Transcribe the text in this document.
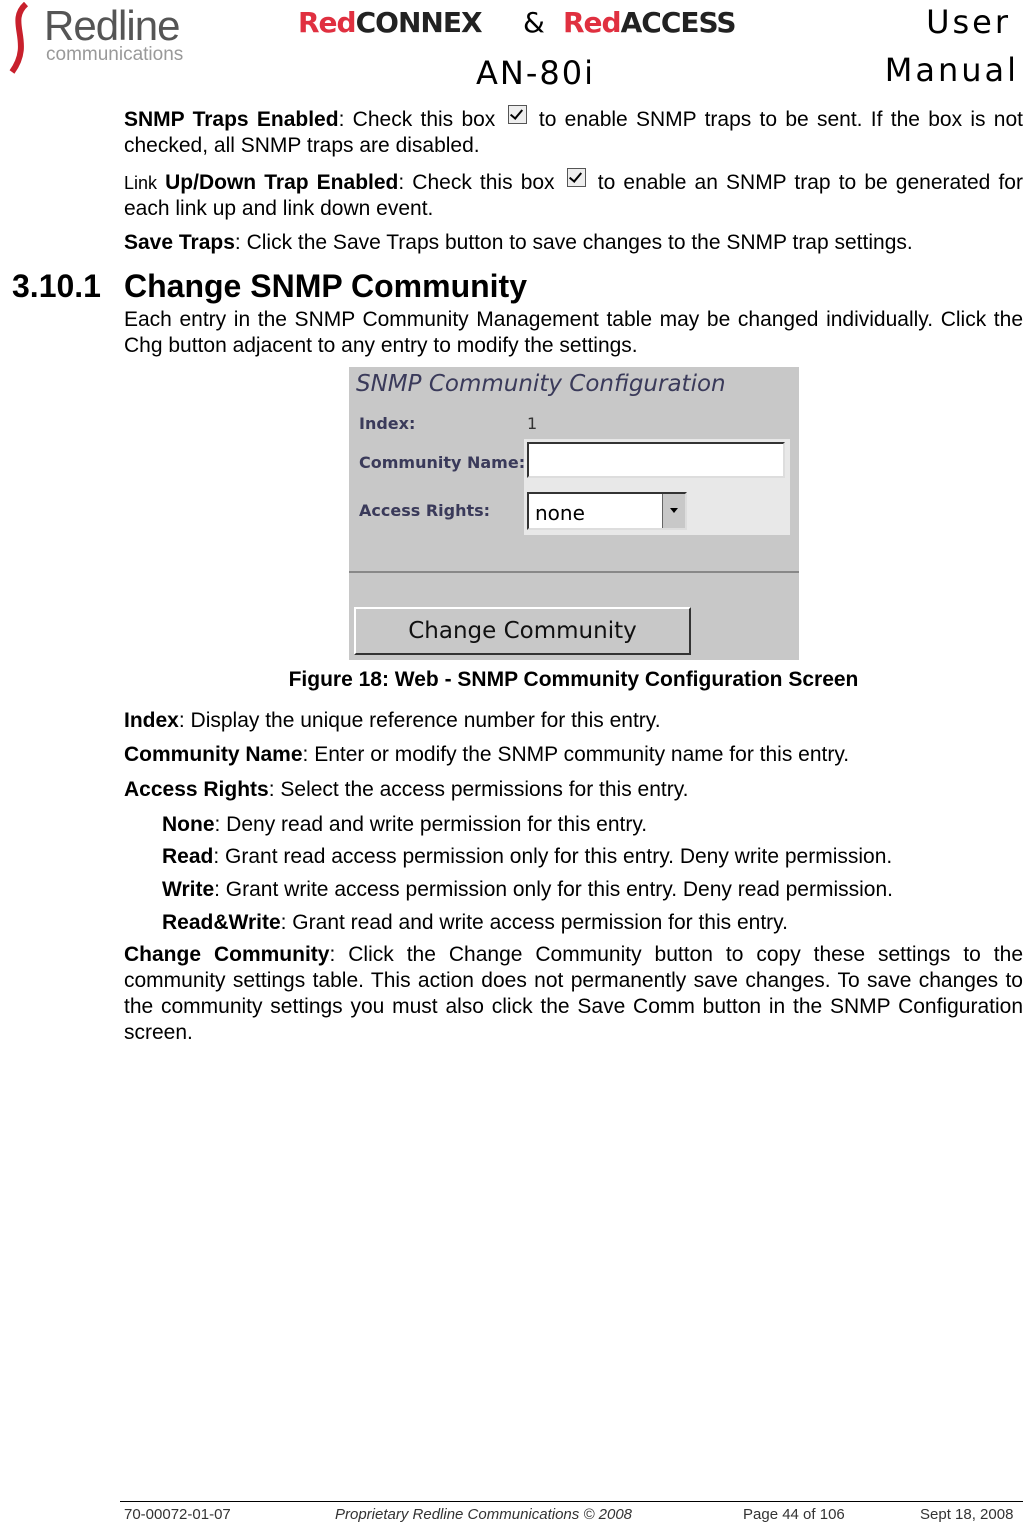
Redline
communications
RedCONNEX & RedACCESS
AN-80i
User
Manual
SNMP Traps Enabled: Check this box to enable SNMP traps to be sent. If the box is not checked, all SNMP traps are disabled.
Link Up/Down Trap Enabled: Check this box to enable an SNMP trap to be generated for each link up and link down event.
Save Traps: Click the Save Traps button to save changes to the SNMP trap settings.
3.10.1 Change SNMP Community
Each entry in the SNMP Community Management table may be changed individually. Click the Chg button adjacent to any entry to modify the settings.
SNMP Community Configuration
Index:	1
Community Name:
Access Rights: none
Change Community
Figure 18: Web - SNMP Community Configuration Screen
Index: Display the unique reference number for this entry.
Community Name: Enter or modify the SNMP community name for this entry.
Access Rights: Select the access permissions for this entry.
None: Deny read and write permission for this entry.
Read: Grant read access permission only for this entry. Deny write permission.
Write: Grant write access permission only for this entry. Deny read permission.
Read&Write: Grant read and write access permission for this entry.
Change Community: Click the Change Community button to copy these settings to the community settings table. This action does not permanently save changes. To save changes to the community settings you must also click the Save Comm button in the SNMP Configuration screen.
70-00072-01-07	Proprietary Redline Communications © 2008	Page 44 of 106	Sept 18, 2008
